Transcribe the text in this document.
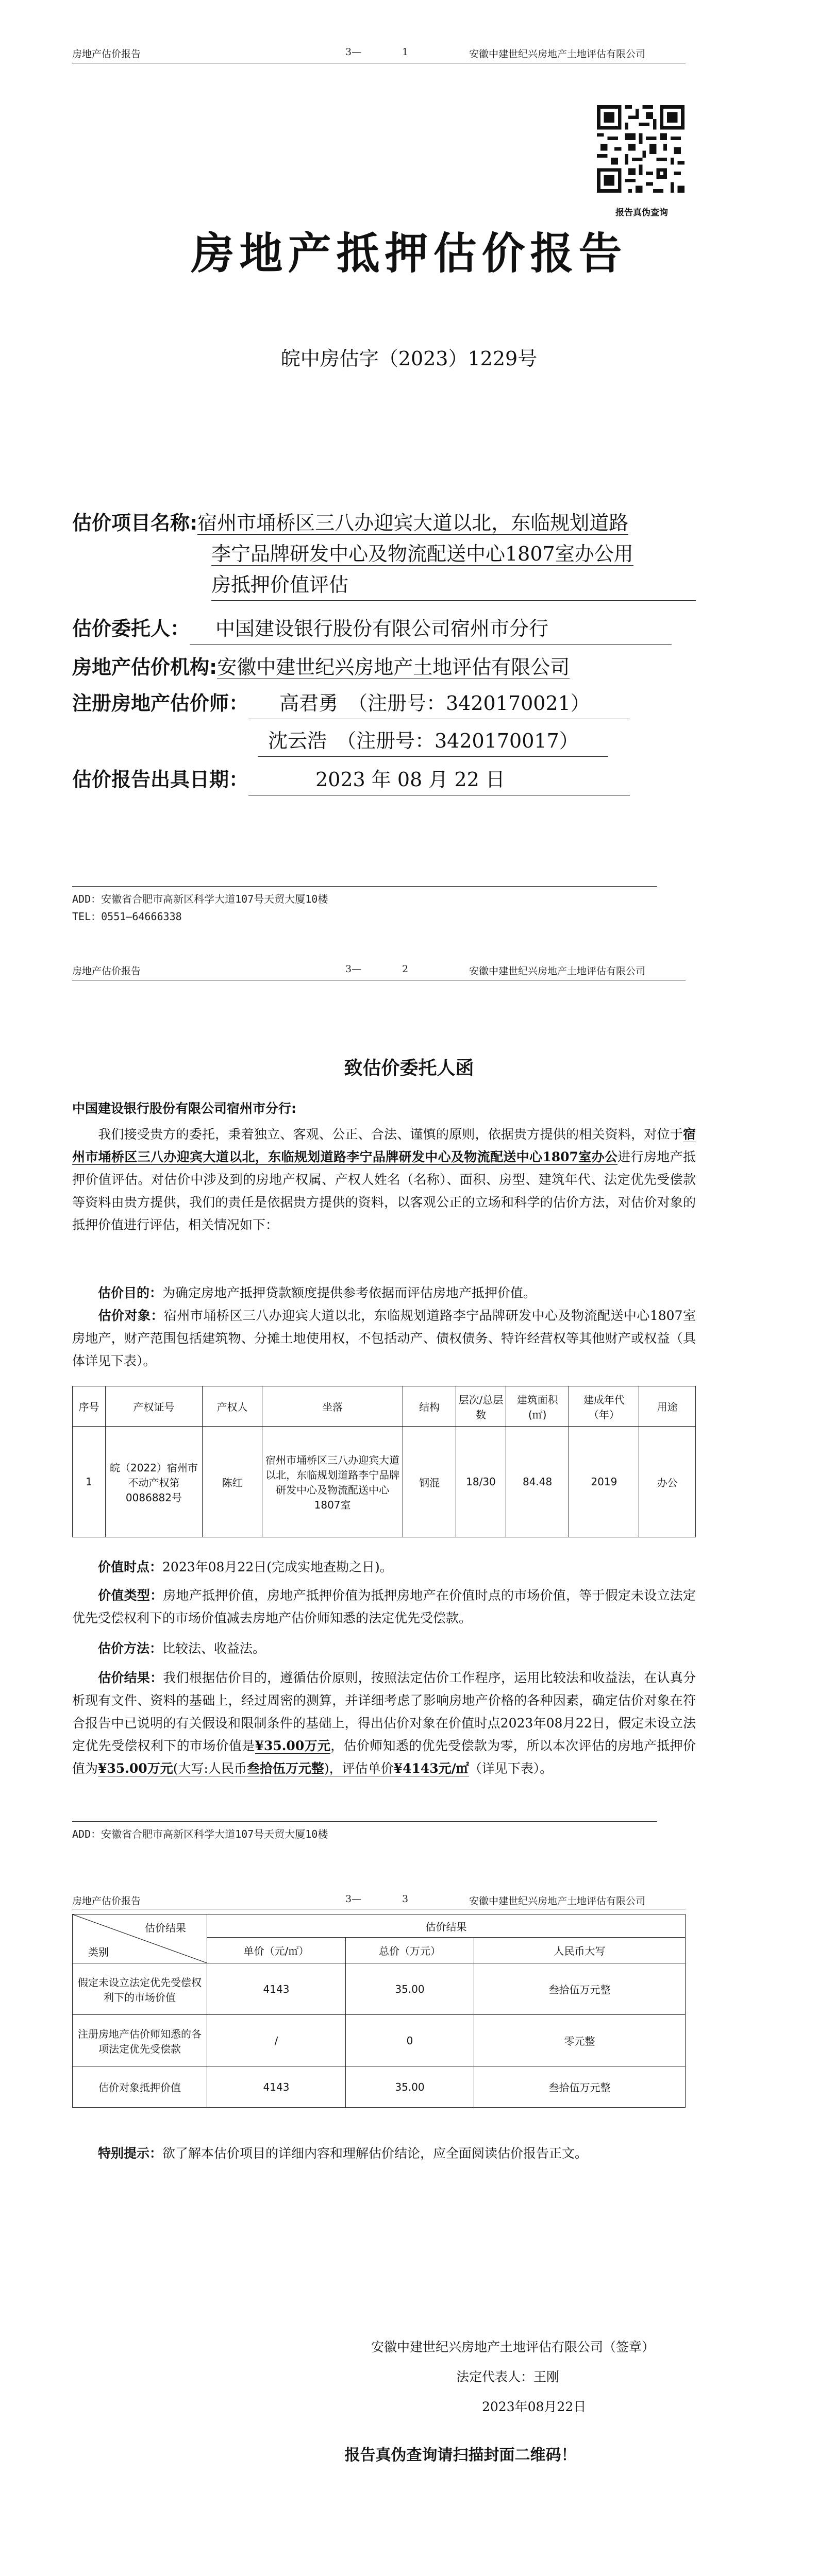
房地产估价报告	3—	1	安徽中建世纪兴房地产土地评估有限公司
报告真伪查询
房地产抵押估价报告
皖中房估字（2023）1229号
估价项目名称:宿州市埇桥区三八办迎宾大道以北，东临规划道路
李宁品牌研发中心及物流配送中心1807室办公用
房抵押价值评估
估价委托人： 中国建设银行股份有限公司宿州市分行
房地产估价机构:安徽中建世纪兴房地产土地评估有限公司
注册房地产估价师： 高君勇　（注册号：3420170021）
沈云浩　（注册号：3420170017）
估价报告出具日期：	2023 年 08 月 22 日
ADD：安徽省合肥市高新区科学大道107号天贸大厦10楼
TEL：0551—64666338
房地产估价报告	3—	2	安徽中建世纪兴房地产土地评估有限公司
致估价委托人函
中国建设银行股份有限公司宿州市分行:
我们接受贵方的委托，秉着独立、客观、公正、合法、谨慎的原则，依据贵方提供的相关资料，对位于宿州市埇桥区三八办迎宾大道以北，东临规划道路李宁品牌研发中心及物流配送中心1807室办公进行房地产抵押价值评估。对估价中涉及到的房地产权属、产权人姓名（名称）、面积、房型、建筑年代、法定优先受偿款等资料由贵方提供，我们的责任是依据贵方提供的资料，以客观公正的立场和科学的估价方法，对估价对象的抵押价值进行评估，相关情况如下：
估价目的：为确定房地产抵押贷款额度提供参考依据而评估房地产抵押价值。
估价对象：宿州市埇桥区三八办迎宾大道以北，东临规划道路李宁品牌研发中心及物流配送中心1807室房地产，财产范围包括建筑物、分摊土地使用权，不包括动产、债权债务、特许经营权等其他财产或权益（具体详见下表）。
序号	产权证号	产权人	坐落	结构	层次/总层数	建筑面积(㎡)	建成年代（年）	用途
1	皖（2022）宿州市不动产权第0086882号	陈红	宿州市埇桥区三八办迎宾大道以北，东临规划道路李宁品牌研发中心及物流配送中心1807室	钢混	18/30	84.48	2019	办公
价值时点：2023年08月22日(完成实地查勘之日)。
价值类型：房地产抵押价值，房地产抵押价值为抵押房地产在价值时点的市场价值，等于假定未设立法定优先受偿权利下的市场价值减去房地产估价师知悉的法定优先受偿款。
估价方法：比较法、收益法。
估价结果：我们根据估价目的，遵循估价原则，按照法定估价工作程序，运用比较法和收益法，在认真分析现有文件、资料的基础上，经过周密的测算，并详细考虑了影响房地产价格的各种因素，确定估价对象在符合报告中已说明的有关假设和限制条件的基础上，得出估价对象在价值时点2023年08月22日，假定未设立法定优先受偿权利下的市场价值是¥35.00万元，估价师知悉的优先受偿款为零，所以本次评估的房地产抵押价值为¥35.00万元(大写:人民币叁拾伍万元整)，评估单价¥4143元/㎡（详见下表）。
ADD：安徽省合肥市高新区科学大道107号天贸大厦10楼
房地产估价报告	3—	3	安徽中建世纪兴房地产土地评估有限公司
估价结果
类别	估价结果		
	单价（元/㎡）	总价（万元）	人民币大写
假定未设立法定优先受偿权利下的市场价值	4143	35.00	叁拾伍万元整
注册房地产估价师知悉的各项法定优先受偿款	/	0	零元整
估价对象抵押价值	4143	35.00	叁拾伍万元整
特别提示：欲了解本估价项目的详细内容和理解估价结论，应全面阅读估价报告正文。
安徽中建世纪兴房地产土地评估有限公司（签章）
法定代表人：王刚
2023年08月22日
报告真伪查询请扫描封面二维码！
